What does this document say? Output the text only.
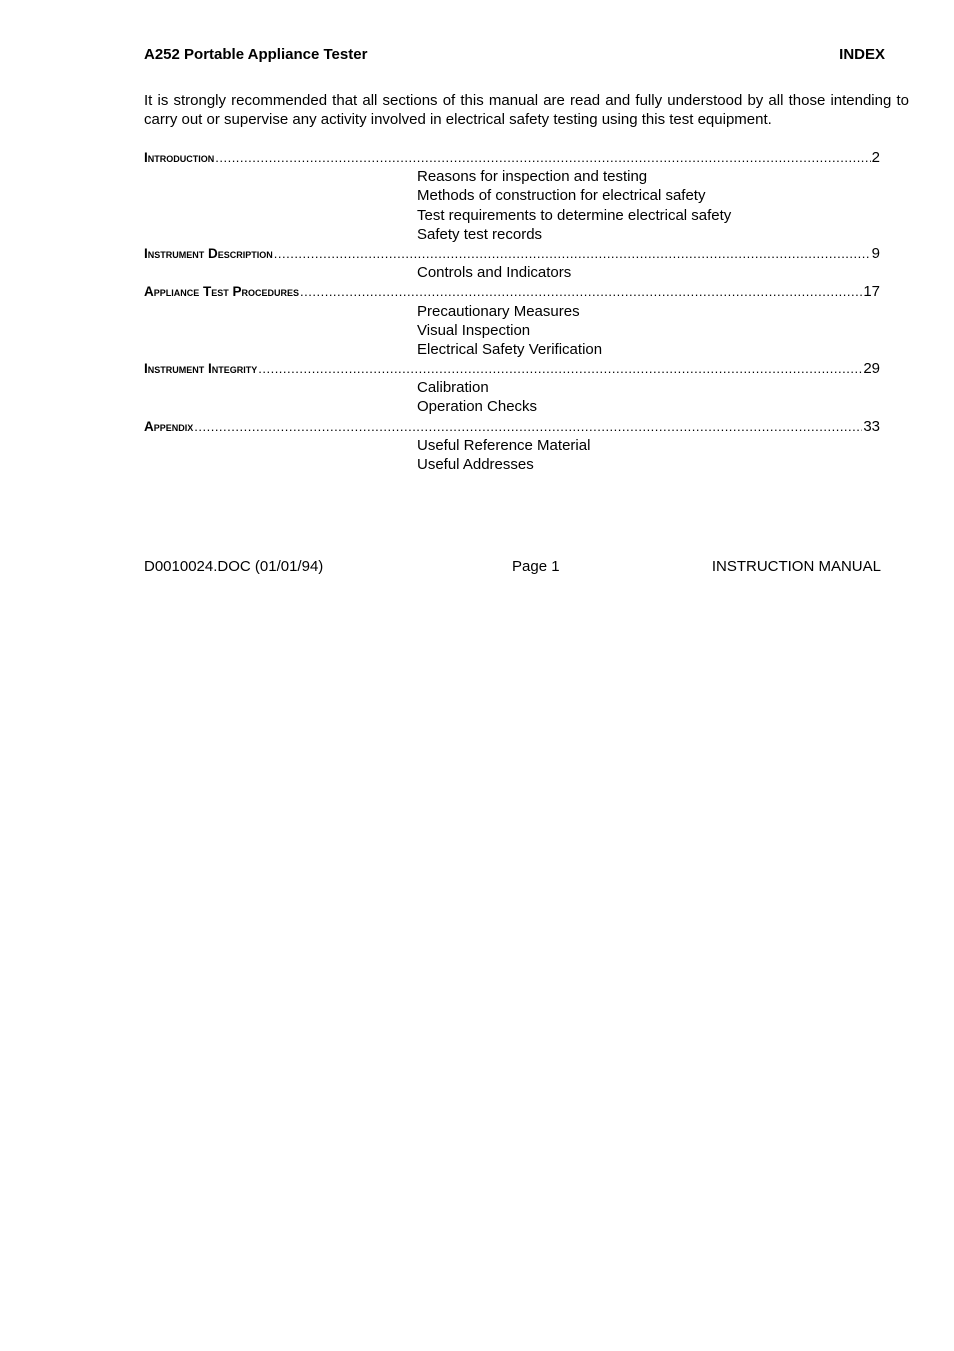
A252 Portable Appliance Tester	INDEX
It is strongly recommended that all sections of this manual are read and fully understood by all those intending to carry out or supervise any activity involved in electrical safety testing using this test equipment.
Introduction .....	2
Reasons for inspection and testing
Methods of construction for electrical safety
Test requirements to determine electrical safety
Safety test records
Instrument Description .....	9
Controls and Indicators
Appliance Test Procedures .....	17
Precautionary Measures
Visual Inspection
Electrical Safety Verification
Instrument Integrity .....	29
Calibration
Operation Checks
Appendix .....	33
Useful Reference Material
Useful Addresses
D0010024.DOC (01/01/94)	Page 1	INSTRUCTION MANUAL
